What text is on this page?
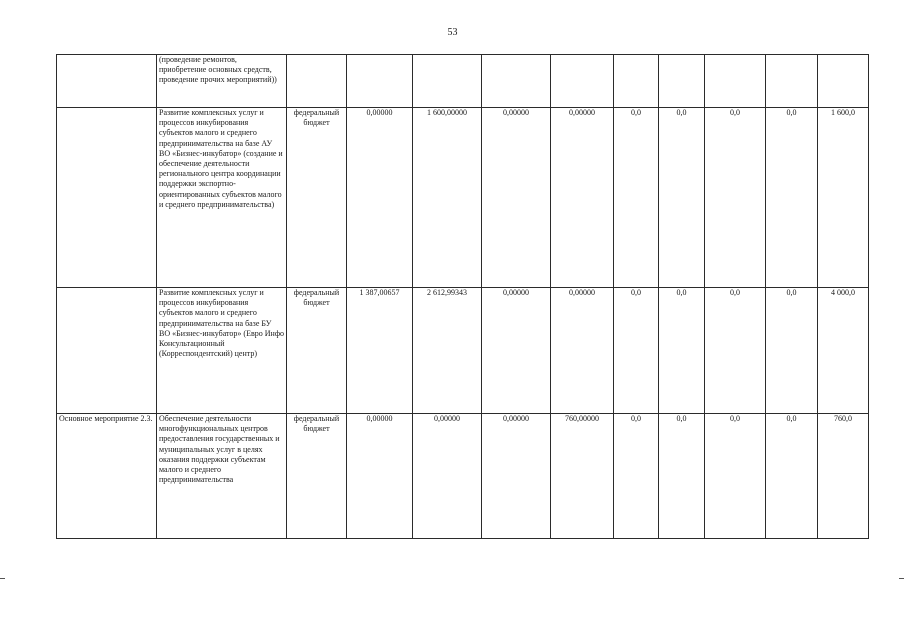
53
	(проведение ремонтов, приобретение основных средств, проведение прочих мероприятий))										
	Развитие комплексных услуг и процессов инкубирования субъектов малого и среднего предпринимательства на базе АУ ВО «Бизнес-инкубатор» (создание и обеспечение деятельности регионального центра координации поддержки экспортно-ориентированных субъектов малого и среднего предпринимательства)	федеральный бюджет	0,00000	1 600,00000	0,00000	0,00000	0,0	0,0	0,0	0,0	1 600,0
	Развитие комплексных услуг и процессов инкубирования субъектов малого и среднего предпринимательства на базе БУ ВО «Бизнес-инкубатор» (Евро Инфо Консультационный (Корреспондентский) центр)	федеральный бюджет	1 387,00657	2 612,99343	0,00000	0,00000	0,0	0,0	0,0	0,0	4 000,0
Основное мероприятие 2.3.	Обеспечение деятельности многофункциональных центров предоставления государственных и муниципальных услуг в целях оказания поддержки субъектам малого и среднего предпринимательства	федеральный бюджет	0,00000	0,00000	0,00000	760,00000	0,0	0,0	0,0	0,0	760,0
